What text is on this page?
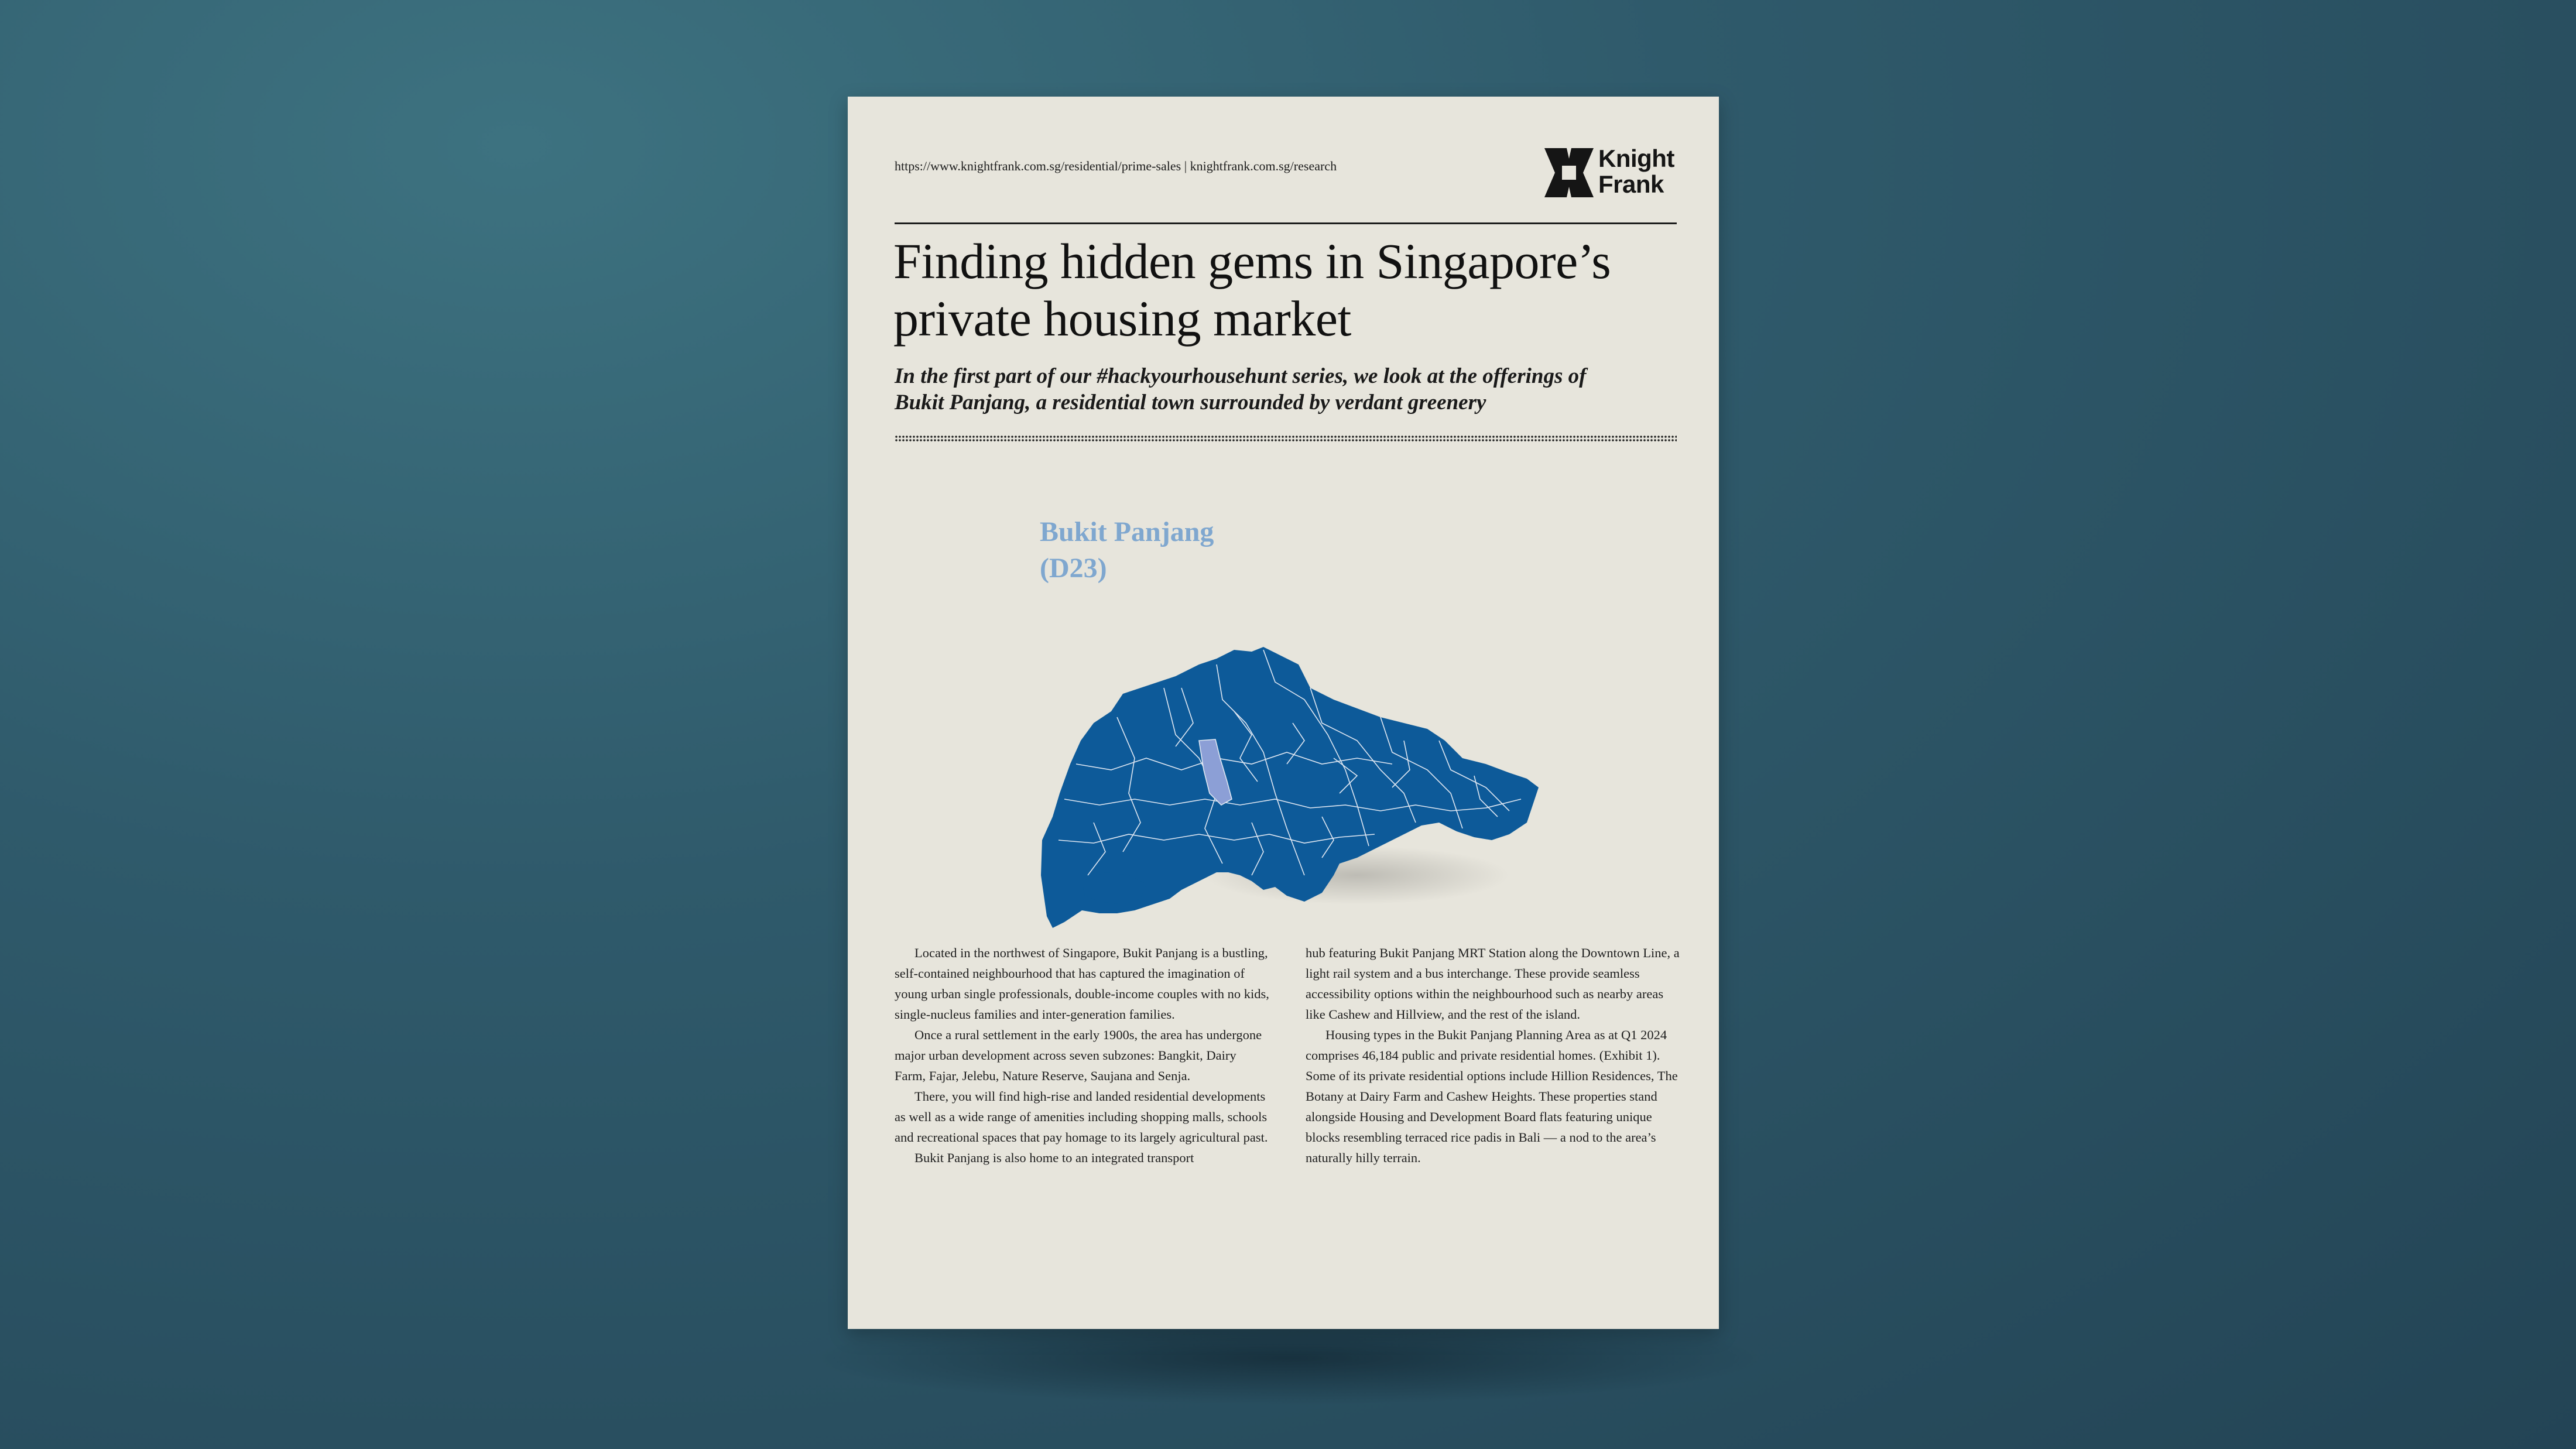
https://www.knightfrank.com.sg/residential/prime-sales | knightfrank.com.sg/research	Knight
Frank
Finding hidden gems in Singapore’s
private housing market

In the first part of our #hackyourhousehunt series, we look at the offerings of
Bukit Panjang, a residential town surrounded by verdant greenery

Bukit Panjang
(D23)

Located in the northwest of Singapore, Bukit Panjang is a bustling, self-contained neighbourhood that has captured the imagination of young urban single professionals, double-income couples with no kids, single-nucleus families and inter-generation families.

Once a rural settlement in the early 1900s, the area has undergone major urban development across seven subzones: Bangkit, Dairy Farm, Fajar, Jelebu, Nature Reserve, Saujana and Senja.

There, you will find high-rise and landed residential developments as well as a wide range of amenities including shopping malls, schools and recreational spaces that pay homage to its largely agricultural past.

Bukit Panjang is also home to an integrated transport

hub featuring Bukit Panjang MRT Station along the Downtown Line, a light rail system and a bus interchange. These provide seamless accessibility options within the neighbourhood such as nearby areas like Cashew and Hillview, and the rest of the island.

Housing types in the Bukit Panjang Planning Area as at Q1 2024 comprises 46,184 public and private residential homes. (Exhibit 1). Some of its private residential options include Hillion Residences, The Botany at Dairy Farm and Cashew Heights. These properties stand alongside Housing and Development Board flats featuring unique blocks resembling terraced rice padis in Bali — a nod to the area’s naturally hilly terrain.
